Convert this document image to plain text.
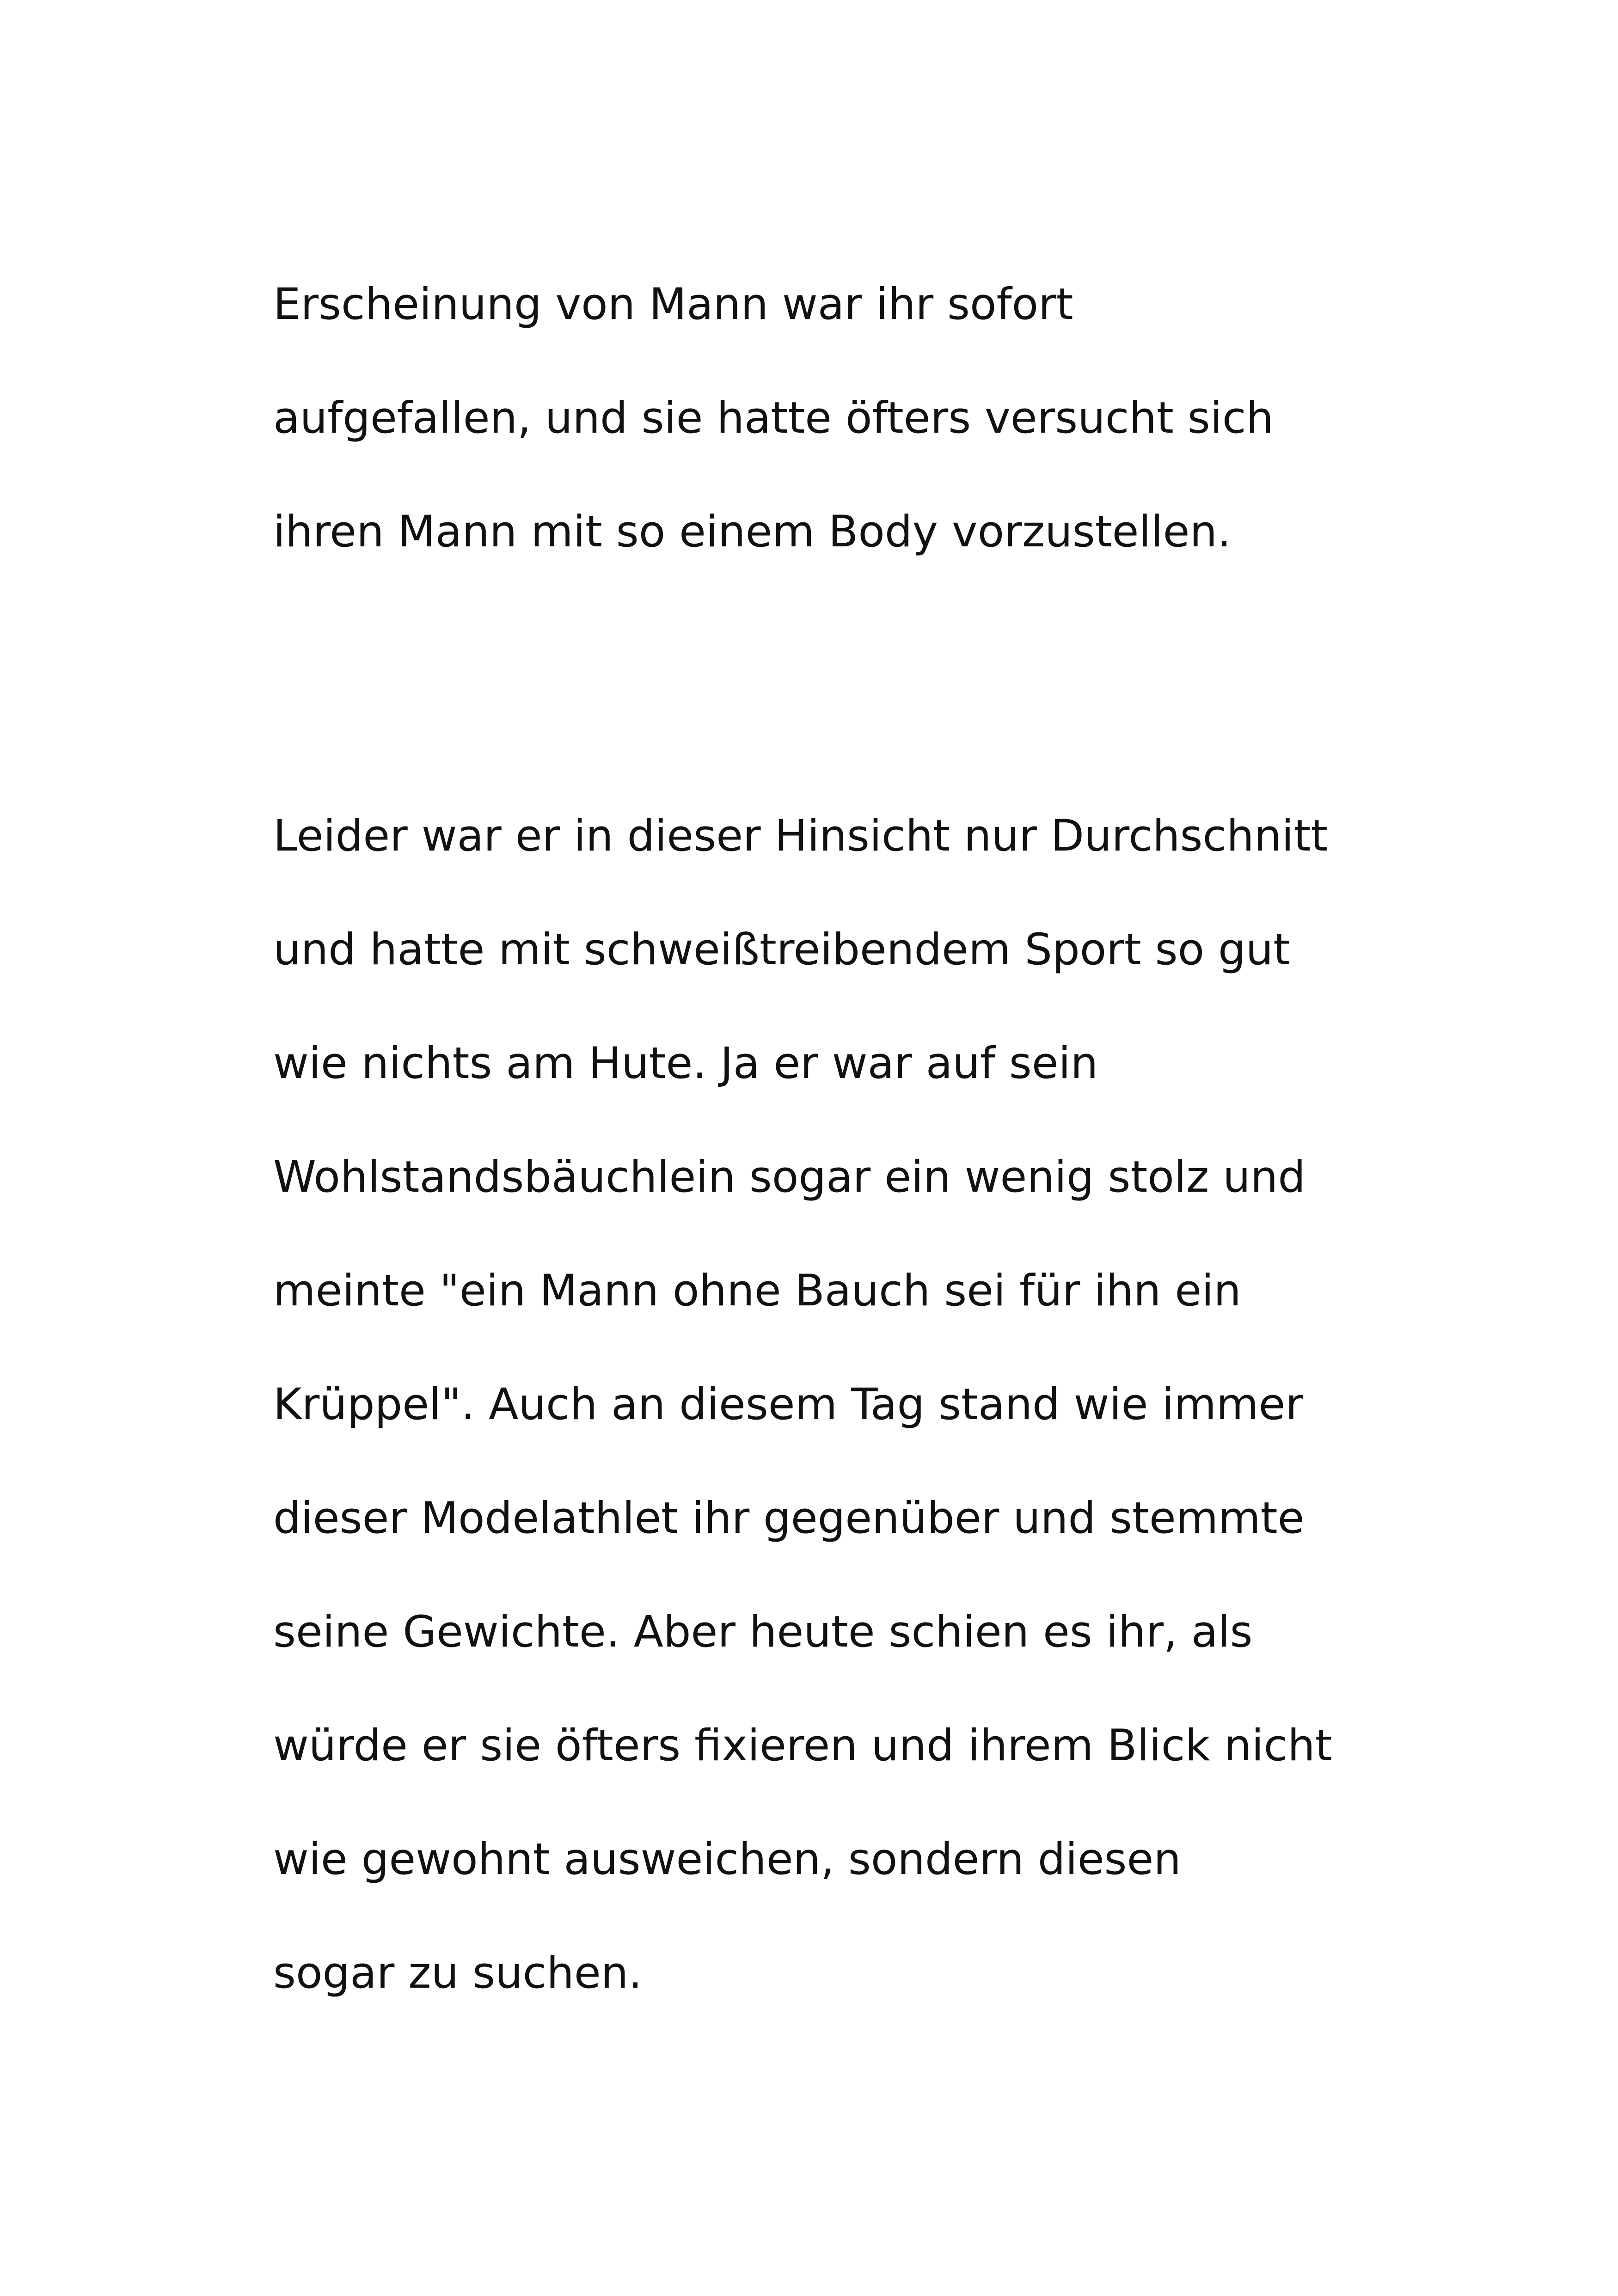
Erscheinung von Mann war ihr sofort
aufgefallen, und sie hatte öfters versucht sich
ihren Mann mit so einem Body vorzustellen.
Leider war er in dieser Hinsicht nur Durchschnitt
und hatte mit schweißtreibendem Sport so gut
wie nichts am Hute. Ja er war auf sein
Wohlstandsbäuchlein sogar ein wenig stolz und
meinte "ein Mann ohne Bauch sei für ihn ein
Krüppel". Auch an diesem Tag stand wie immer
dieser Modelathlet ihr gegenüber und stemmte
seine Gewichte. Aber heute schien es ihr, als
würde er sie öfters fixieren und ihrem Blick nicht
wie gewohnt ausweichen, sondern diesen
sogar zu suchen.
